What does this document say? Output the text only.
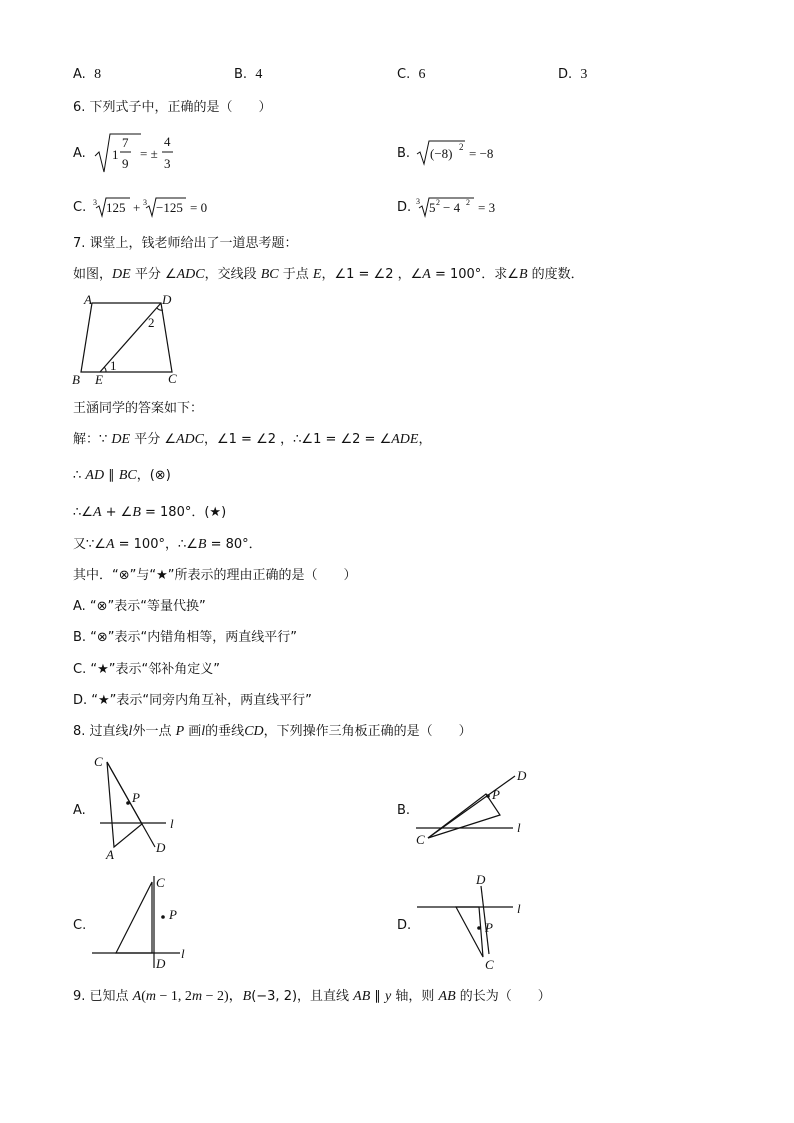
A. 8	B. 4	C. 6	D. 3
6. 下列式子中，正确的是（　　）
A. 1
7
9
= ±
4
3
B. (−8) 2 = −8
C. 3 125 + 3 −125 = 0	D. 3 5 2 − 4 2 = 3
7. 课堂上，钱老师给出了一道思考题：
如图，DE 平分 ∠ADC，交线段 BC 于点 E，∠1 = ∠2 ，∠A = 100°．求∠B 的度数．
A	D
B E	C
1
2
王涵同学的答案如下：
解：∵ DE 平分 ∠ADC，∠1 = ∠2 ，∴∠1 = ∠2 = ∠ADE，
∴ AD ∥ BC，(⊗)
∴∠A + ∠B = 180°．(★)
又∵∠A = 100°，∴∠B = 80°．
其中．“⊗”与“★”所表示的理由正确的是（　　）
A. “⊗”表示“等量代换”
B. “⊗”表示“内错角相等，两直线平行”
C. “★”表示“邻补角定义”
D. “★”表示“同旁内角互补，两直线平行”
8. 过直线l外一点 P 画l的垂线CD，下列操作三角板正确的是（　　）
A.
C
P
l
A	D
B.
D
P
l
C
C.
C
P
l
D
D.
D
l
P
C
9. 已知点 A(m − 1, 2m − 2)，B(−3, 2)，且直线 AB ∥ y 轴，则 AB 的长为（　　）
